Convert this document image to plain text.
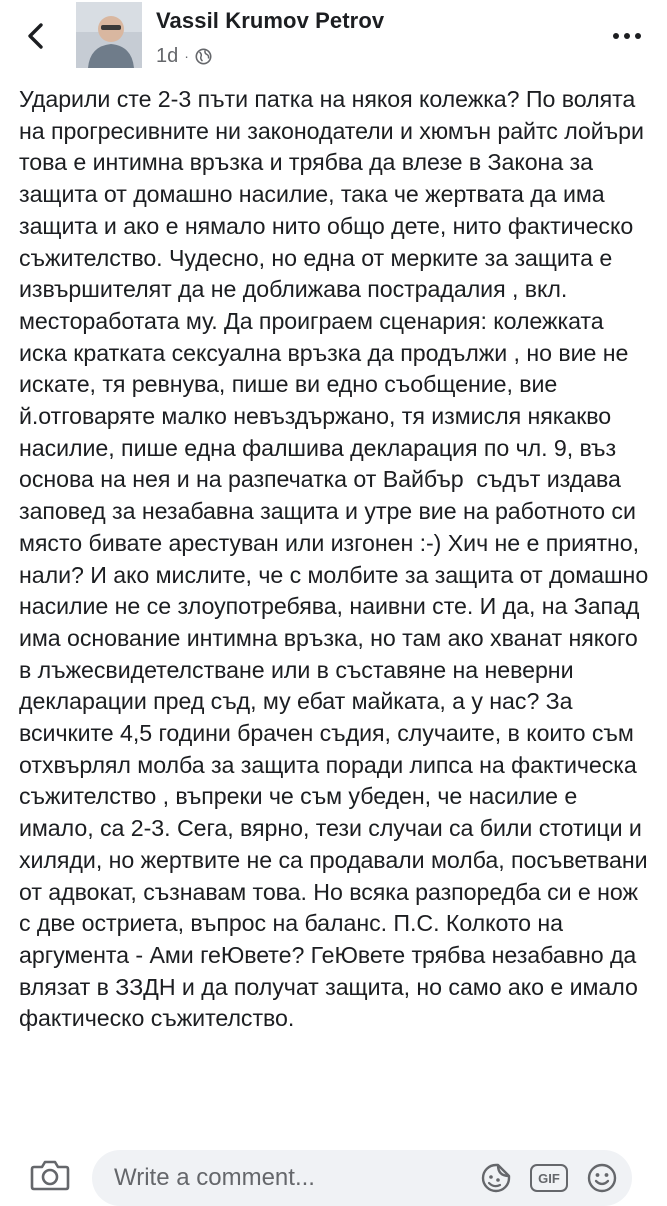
Vassil Krumov Petrov
1d ·
Ударили сте 2-3 пъти патка на някоя колежка? По волята на прогресивните ни законодатели и хюмън райтс лойъри това е интимна връзка и трябва да влезе в Закона за защита от домашно насилие, така че жертвата да има защита и ако е нямало нито общо дете, нито фактическо съжителство. Чудесно, но една от мерките за защита е извършителят да не доближава пострадалия , вкл. месторaботата му. Да проиграем сценария: колежката иска кратката сексуална връзка да продължи , но вие не искате, тя ревнува, пише ви едно съобщение, вие й.отговаряте малко невъздържано, тя измисля някакво насилие, пише една фалшива декларация по чл. 9, въз основа на нея и на разпечатка от Вайбър  съдът издава заповед за незабавна защита и утре вие на работното си място бивате арестуван или изгонен :-) Хич не е приятно, нали? И ако мислите, че с молбите за защита от домашно насилие не се злоупотребява, наивни сте. И да, на Запад има основание интимна връзка, но там ако хванат някого в лъжесвидетелстване или в съставяне на неверни декларации пред съд, му ебат майката, а у нас? За всичките 4,5 години брачен съдия, случаите, в които съм отхвърлял молба за защита поради липса на фактическа съжителство , въпреки че съм убеден, че насилие е имало, са 2-3. Сега, вярно, тези случаи са били стотици и хиляди, но жертвите не са продавали молба, посъветвани от адвокат, съзнавам това. Но всяка разпоредба си е нож с две остриета, въпрос на баланс. П.С. Колкото на аргумента - Ами геЮвете? ГеЮвете трябва незабавно да влязат в ЗЗДН и да получат защита, но само ако е имало фактическо съжителство.
Write a comment...	GIF
